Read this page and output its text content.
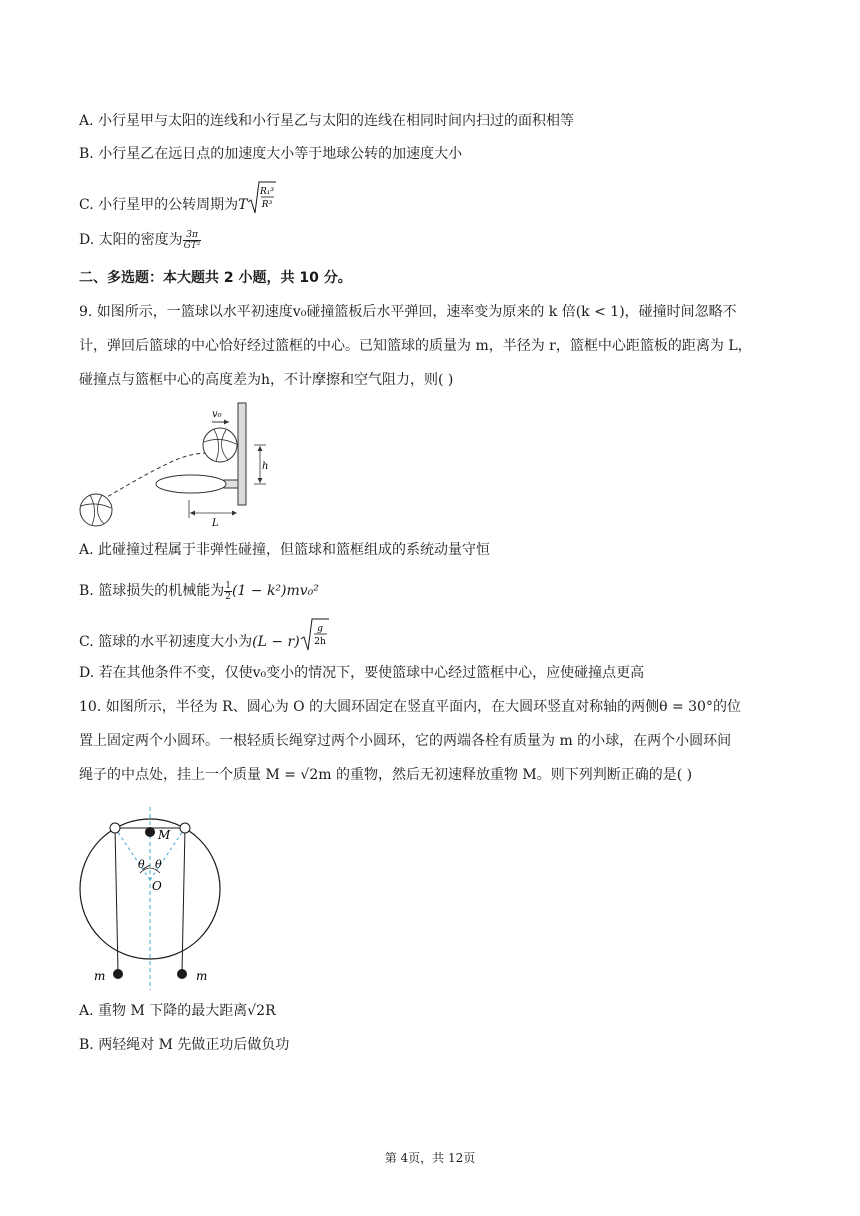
A. 小行星甲与太阳的连线和小行星乙与太阳的连线在相同时间内扫过的面积相等
B. 小行星乙在远日点的加速度大小等于地球公转的加速度大小
C. 小行星甲的公转周期为T
R₁³
R³
D. 太阳的密度为 $\frac{3\pi}{\text{GT²}}$
二、多选题：本大题共 2 小题，共 10 分。
9. 如图所示，一篮球以水平初速度v₀碰撞篮板后水平弹回，速率变为原来的 k 倍(k < 1)，碰撞时间忽略不
计，弹回后篮球的中心恰好经过篮框的中心。已知篮球的质量为 m，半径为 r，篮框中心距篮板的距离为 L，
碰撞点与篮框中心的高度差为h，不计摩擦和空气阻力，则( )
v₀
h
L
A. 此碰撞过程属于非弹性碰撞，但篮球和篮框组成的系统动量守恒
B. 篮球损失的机械能为 $\frac{1}{2} (1 - k^2)mv_0^2$
C. 篮球的水平初速度大小为(L − r)
g
2h
D. 若在其他条件不变，仅使v₀变小的情况下，要使篮球中心经过篮框中心，应使碰撞点更高
10. 如图所示，半径为 R、圆心为 O 的大圆环固定在竖直平面内，在大圆环竖直对称轴的两侧θ = 30°的位
置上固定两个小圆环。一根轻质长绳穿过两个小圆环，它的两端各栓有质量为 m 的小球，在两个小圆环间
绳子的中点处，挂上一个质量 M = √2m 的重物，然后无初速释放重物 M。则下列判断正确的是( )
M
θ θ
O
m	m
A. 重物 M 下降的最大距离√2R
B. 两轻绳对 M 先做正功后做负功
第 4页，共 12页
